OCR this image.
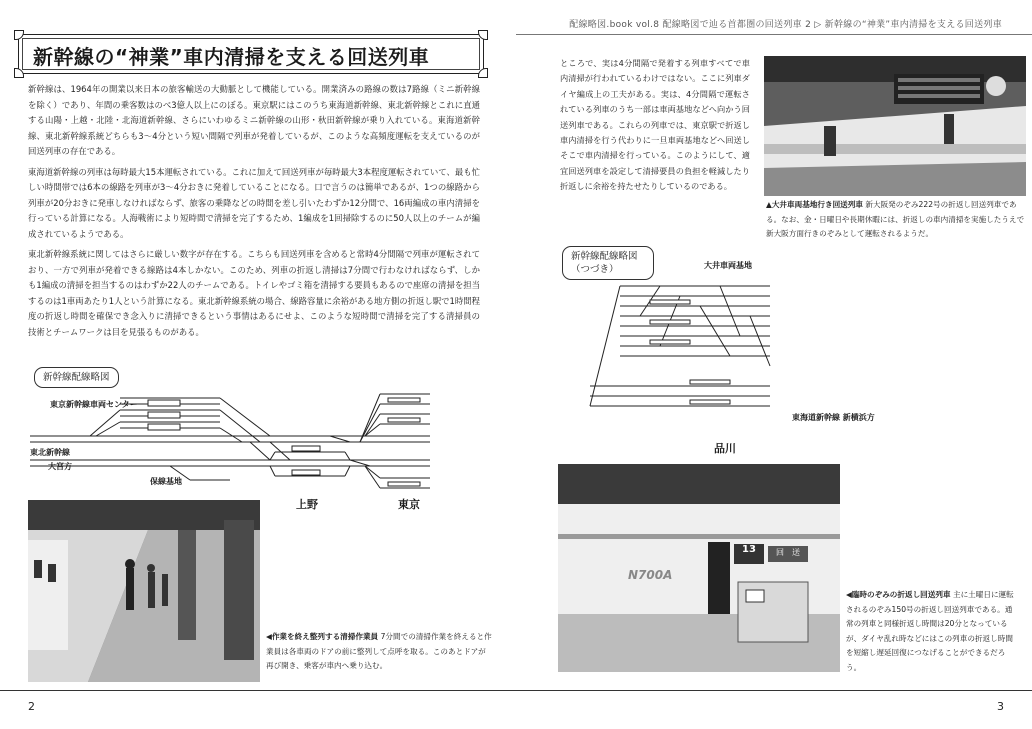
新幹線の“神業”車内清掃を支える回送列車

新幹線は、1964年の開業以来日本の旅客輸送の大動脈として機能している。開業済みの路線の数は7路線（ミニ新幹線を除く）であり、年間の乗客数はのべ3億人以上にのぼる。東京駅にはこのうち東海道新幹線、東北新幹線とこれに直通する山陽・上越・北陸・北海道新幹線、さらにいわゆるミニ新幹線の山形・秋田新幹線が乗り入れている。東海道新幹線、東北新幹線系統どちらも3～4分という短い間隔で列車が発着しているが、このような高頻度運転を支えているのが回送列車の存在である。

東海道新幹線の列車は毎時最大15本運転されている。これに加えて回送列車が毎時最大3本程度運転されていて、最も忙しい時間帯では6本の線路を列車が3～4分おきに発着していることになる。口で言うのは簡単であるが、1つの線路から列車が20分おきに発車しなければならず、旅客の乗降などの時間を差し引いたわずか12分間で、16両編成の車内清掃を行っている計算になる。人海戦術により短時間で清掃を完了するため、1編成を1回掃除するのに50人以上のチームが編成されているようである。

東北新幹線系統に関してはさらに厳しい数字が存在する。こちらも回送列車を含めると常時4分間隔で列車が運転されており、一方で列車が発着できる線路は4本しかない。このため、列車の折返し清掃は7分間で行わなければならず、しかも1編成の清掃を担当するのはわずか22人のチームである。トイレやゴミ箱を清掃する要員もあるので座席の清掃を担当するのは1車両あたり1人という計算になる。東北新幹線系統の場合、線路容量に余裕がある地方側の折返し駅で1時間程度の折返し時間を確保でき念入りに清掃できるという事情はあるにせよ、このような短時間で清掃を完了する清掃員の技術とチームワークは目を見張るものがある。

新幹線配線略図
東京新幹線車両センター
東北新幹線
大宮方
保線基地
上野	東京
◀作業を終え整列する清掃作業員 7分間での清掃作業を終えると作業員は各車両のドアの前に整列して点呼を取る。このあとドアが再び開き、乗客が車内へ乗り込む。
2
配線略図.book vol.8 配線略図で辿る首都圏の回送列車 2 ▷ 新幹線の“神業”車内清掃を支える回送列車

ところで、実は4分間隔で発着する列車すべてで車内清掃が行われているわけではない。ここに列車ダイヤ編成上の工夫がある。実は、4分間隔で運転されている列車のうち一部は車両基地などへ向かう回送列車である。これらの列車では、東京駅で折返し車内清掃を行う代わりに一旦車両基地などへ回送しそこで車内清掃を行っている。このようにして、適宜回送列車を設定して清掃要員の負担を軽減したり折返しに余裕を持たせたりしているのである。

▲大井車両基地行き回送列車 新大阪発のぞみ222号の折返し回送列車である。なお、金・日曜日や長期休暇には、折返しの車内清掃を実施したうえで新大阪方面行きのぞみとして運転されるようだ。
新幹線配線略図（つづき）	大井車両基地
東海道新幹線 新横浜方
品川
13	回　送
N700A
◀臨時のぞみの折返し回送列車 主に土曜日に運転されるのぞみ150号の折返し回送列車である。通常の列車と同様折返し時間は20分となっているが、ダイヤ乱れ時などにはこの列車の折返し時間を短縮し遅延回復につなげることができるだろう。
3
